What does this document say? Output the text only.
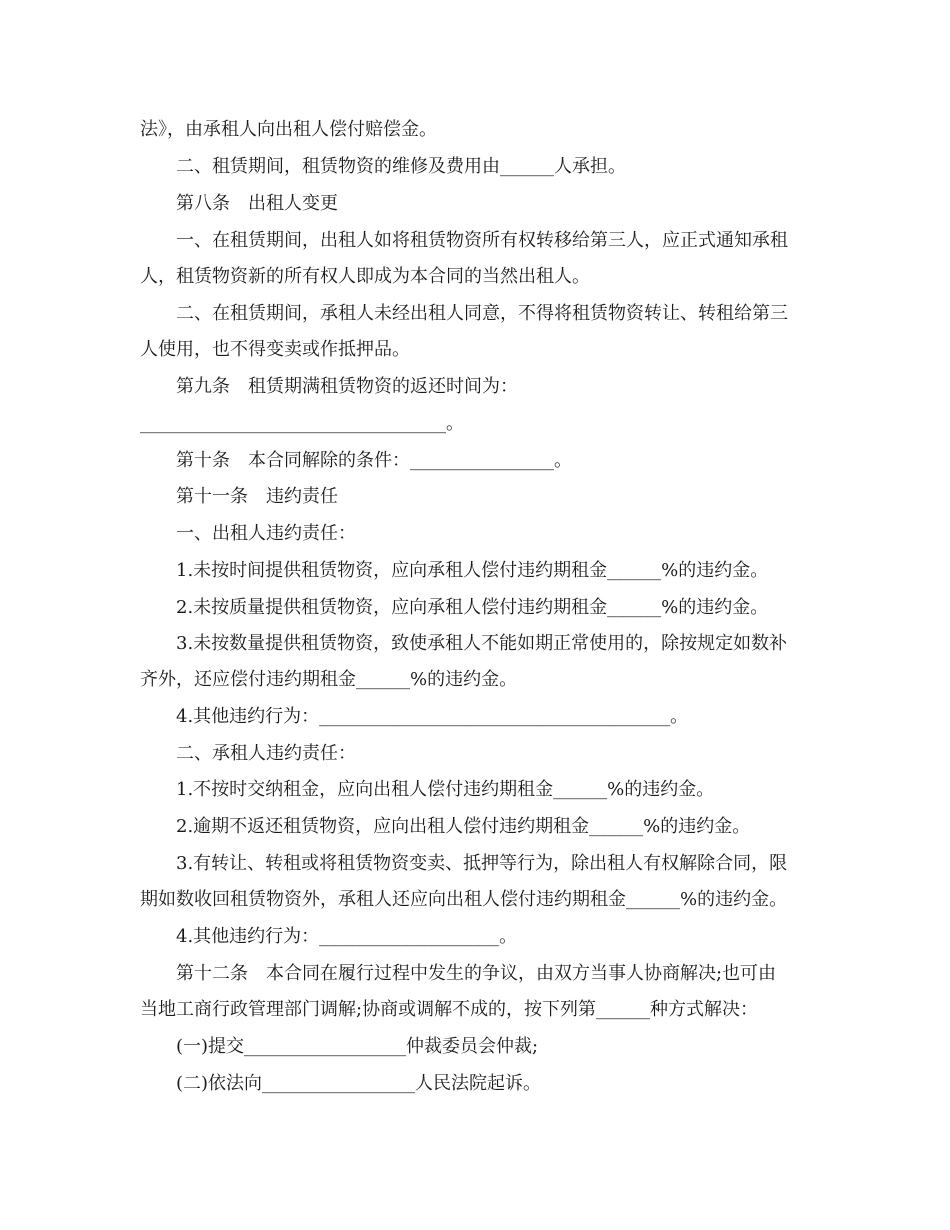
法》，由承租人向出租人偿付赔偿金。
二、租赁期间，租赁物资的维修及费用由______人承担。
第八条　出租人变更
一、在租赁期间，出租人如将租赁物资所有权转移给第三人，应正式通知承租
人，租赁物资新的所有权人即成为本合同的当然出租人。
二、在租赁期间，承租人未经出租人同意，不得将租赁物资转让、转租给第三
人使用，也不得变卖或作抵押品。
第九条　租赁期满租赁物资的返还时间为：
__________________________________。
第十条　本合同解除的条件：________________。
第十一条　违约责任
一、出租人违约责任：
1.未按时间提供租赁物资，应向承租人偿付违约期租金______%的违约金。
2.未按质量提供租赁物资，应向承租人偿付违约期租金______%的违约金。
3.未按数量提供租赁物资，致使承租人不能如期正常使用的，除按规定如数补
齐外，还应偿付违约期租金______%的违约金。
4.其他违约行为：_______________________________________。
二、承租人违约责任：
1.不按时交纳租金，应向出租人偿付违约期租金______%的违约金。
2.逾期不返还租赁物资，应向出租人偿付违约期租金______%的违约金。
3.有转让、转租或将租赁物资变卖、抵押等行为，除出租人有权解除合同，限
期如数收回租赁物资外，承租人还应向出租人偿付违约期租金______%的违约金。
4.其他违约行为：____________________。
第十二条　本合同在履行过程中发生的争议，由双方当事人协商解决;也可由
当地工商行政管理部门调解;协商或调解不成的，按下列第______种方式解决：
(一)提交__________________仲裁委员会仲裁;
(二)依法向_________________人民法院起诉。
